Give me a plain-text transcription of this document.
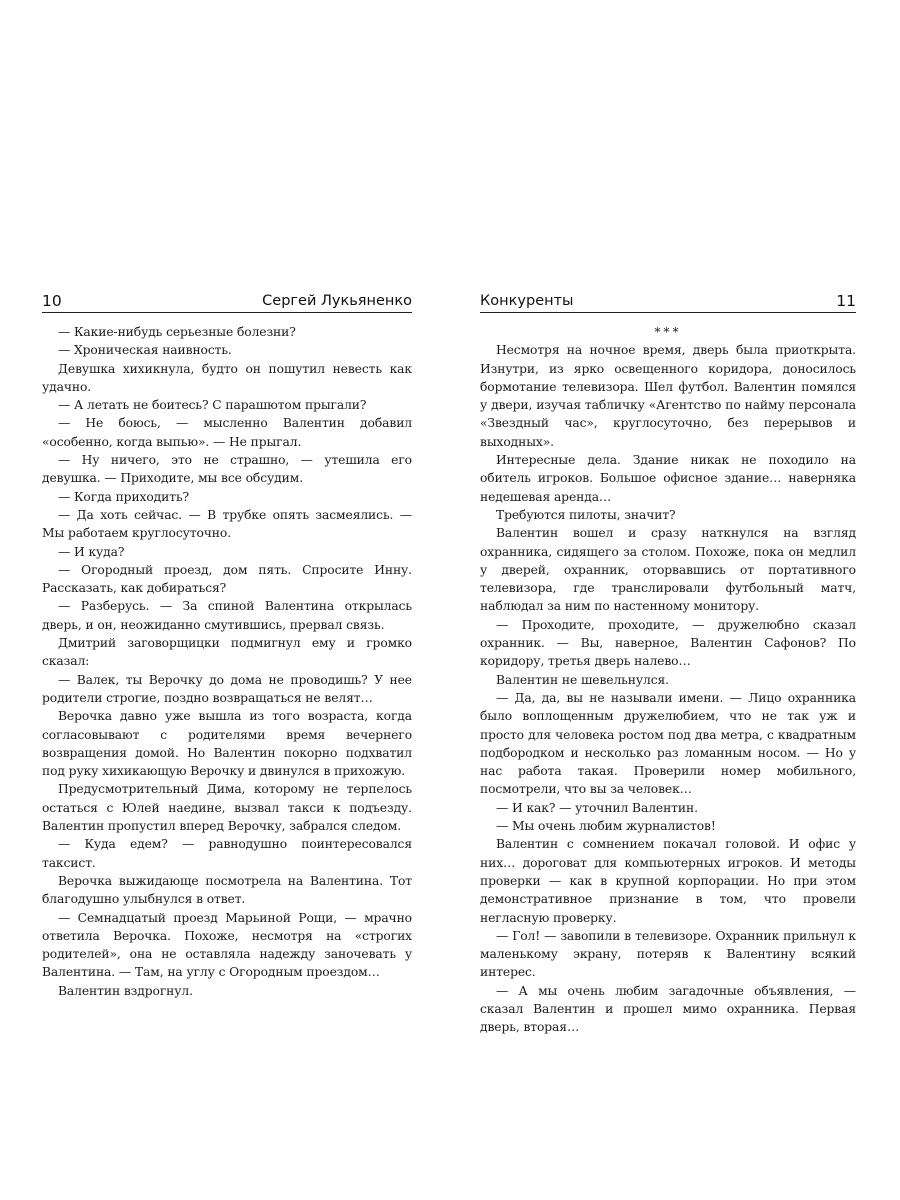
10	Сергей Лукьяненко

— Какие-нибудь серьезные болезни?

— Хроническая наивность.

Девушка хихикнула, будто он пошутил невесть как удачно.

— А летать не боитесь? С парашютом прыгали?

— Не боюсь, — мысленно Валентин добавил «особенно, когда выпью». — Не прыгал.

— Ну ничего, это не страшно, — утешила его девушка. — Приходите, мы все обсудим.

— Когда приходить?

— Да хоть сейчас. — В трубке опять засмеялись. — Мы работаем круглосуточно.

— И куда?

— Огородный проезд, дом пять. Спросите Инну. Рассказать, как добираться?

— Разберусь. — За спиной Валентина открылась дверь, и он, неожиданно смутившись, прервал связь.

Дмитрий заговорщицки подмигнул ему и громко сказал:

— Валек, ты Верочку до дома не проводишь? У нее родители строгие, поздно возвращаться не велят…

Верочка давно уже вышла из того возраста, когда согласовывают с родителями время вечернего возвращения домой. Но Валентин покорно подхватил под руку хихикающую Верочку и двинулся в прихожую.

Предусмотрительный Дима, которому не терпелось остаться с Юлей наедине, вызвал такси к подъезду. Валентин пропустил вперед Верочку, забрался следом.

— Куда едем? — равнодушно поинтересовался таксист.

Верочка выжидающе посмотрела на Валентина. Тот благодушно улыбнулся в ответ.

— Семнадцатый проезд Марьиной Рощи, — мрачно ответила Верочка. Похоже, несмотря на «строгих родителей», она не оставляла надежду заночевать у Валентина. — Там, на углу с Огородным проездом…

Валентин вздрогнул.

Конкуренты	11

***

Несмотря на ночное время, дверь была приоткрыта. Изнутри, из ярко освещенного коридора, доносилось бормотание телевизора. Шел футбол. Валентин помялся у двери, изучая табличку «Агентство по найму персонала «Звездный час», круглосуточно, без перерывов и выходных».

Интересные дела. Здание никак не походило на обитель игроков. Большое офисное здание… наверняка недешевая аренда…

Требуются пилоты, значит?

Валентин вошел и сразу наткнулся на взгляд охранника, сидящего за столом. Похоже, пока он медлил у дверей, охранник, оторвавшись от портативного телевизора, где транслировали футбольный матч, наблюдал за ним по настенному монитору.

— Проходите, проходите, — дружелюбно сказал охранник. — Вы, наверное, Валентин Сафонов? По коридору, третья дверь налево…

Валентин не шевельнулся.

— Да, да, вы не называли имени. — Лицо охранника было воплощенным дружелюбием, что не так уж и просто для человека ростом под два метра, с квадратным подбородком и несколько раз ломанным носом. — Но у нас работа такая. Проверили номер мобильного, посмотрели, что вы за человек…

— И как? — уточнил Валентин.

— Мы очень любим журналистов!

Валентин с сомнением покачал головой. И офис у них… дороговат для компьютерных игроков. И методы проверки — как в крупной корпорации. Но при этом демонстративное признание в том, что провели негласную проверку.

— Гол! — завопили в телевизоре. Охранник прильнул к маленькому экрану, потеряв к Валентину всякий интерес.

— А мы очень любим загадочные объявления, — сказал Валентин и прошел мимо охранника. Первая дверь, вторая…
